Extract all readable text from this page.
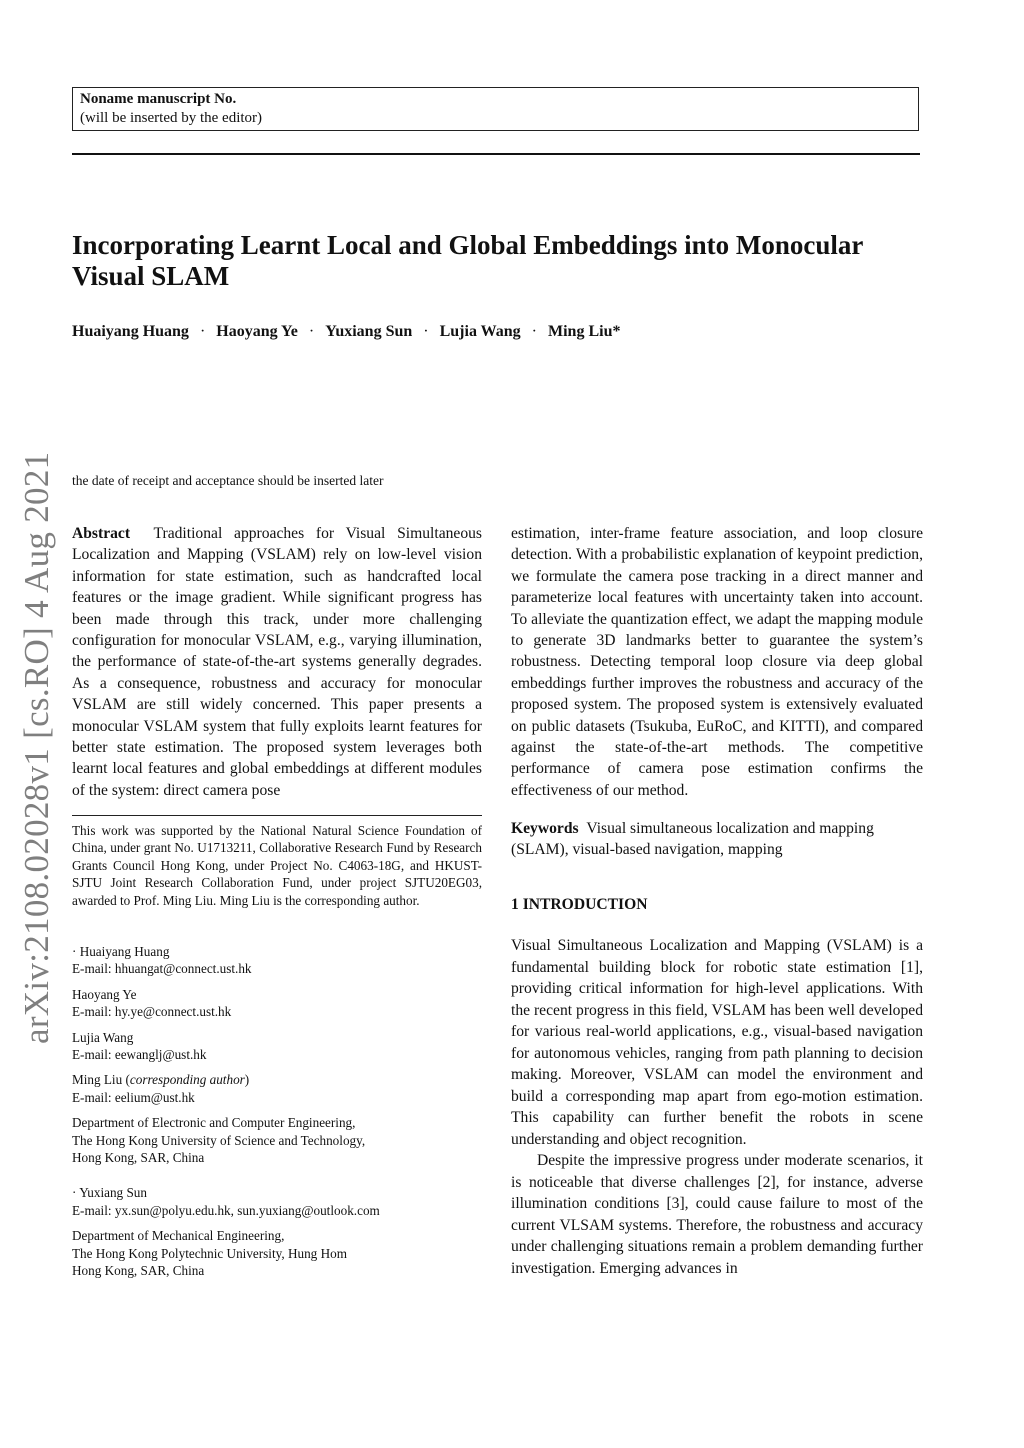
Noname manuscript No.
(will be inserted by the editor)
Incorporating Learnt Local and Global Embeddings into Monocular Visual SLAM
Huaiyang Huang · Haoyang Ye · Yuxiang Sun · Lujia Wang · Ming Liu*
arXiv:2108.02028v1 [cs.RO] 4 Aug 2021	the date of receipt and acceptance should be inserted later

Abstract Traditional approaches for Visual Simultaneous Localization and Mapping (VSLAM) rely on low-level vision information for state estimation, such as handcrafted local features or the image gradient. While significant progress has been made through this track, under more challenging configuration for monocular VSLAM, e.g., varying illumination, the performance of state-of-the-art systems generally degrades. As a consequence, robustness and accuracy for monocular VSLAM are still widely concerned. This paper presents a monocular VSLAM system that fully exploits learnt features for better state estimation. The proposed system leverages both learnt local features and global embeddings at different modules of the system: direct camera pose

estimation, inter-frame feature association, and loop closure detection. With a probabilistic explanation of keypoint prediction, we formulate the camera pose tracking in a direct manner and parameterize local features with uncertainty taken into account. To alleviate the quantization effect, we adapt the mapping module to generate 3D landmarks better to guarantee the system’s robustness. Detecting temporal loop closure via deep global embeddings further improves the robustness and accuracy of the proposed system. The proposed system is extensively evaluated on public datasets (Tsukuba, EuRoC, and KITTI), and compared against the state-of-the-art methods. The competitive performance of camera pose estimation confirms the effectiveness of our method.

This work was supported by the National Natural Science Foundation of China, under grant No. U1713211, Collaborative Research Fund by Research Grants Council Hong Kong, under Project No. C4063-18G, and HKUST-SJTU Joint Research Collaboration Fund, under project SJTU20EG03, awarded to Prof. Ming Liu. Ming Liu is the corresponding author.

· Huaiyang Huang
E-mail: hhuangat@connect.ust.hk
Haoyang Ye
E-mail: hy.ye@connect.ust.hk
Lujia Wang
E-mail: eewanglj@ust.hk
Ming Liu (corresponding author)
E-mail: eelium@ust.hk
Department of Electronic and Computer Engineering,
The Hong Kong University of Science and Technology,
Hong Kong, SAR, China
· Yuxiang Sun
E-mail: yx.sun@polyu.edu.hk, sun.yuxiang@outlook.com
Department of Mechanical Engineering,
The Hong Kong Polytechnic University, Hung Hom
Hong Kong, SAR, China
Keywords Visual simultaneous localization and mapping (SLAM), visual-based navigation, mapping
1 INTRODUCTION

Visual Simultaneous Localization and Mapping (VSLAM) is a fundamental building block for robotic state estimation [1], providing critical information for high-level applications. With the recent progress in this field, VSLAM has been well developed for various real-world applications, e.g., visual-based navigation for autonomous vehicles, ranging from path planning to decision making. Moreover, VSLAM can model the environment and build a corresponding map apart from ego-motion estimation. This capability can further benefit the robots in scene understanding and object recognition.

Despite the impressive progress under moderate scenarios, it is noticeable that diverse challenges [2], for instance, adverse illumination conditions [3], could cause failure to most of the current VLSAM systems. Therefore, the robustness and accuracy under challenging situations remain a problem demanding further investigation. Emerging advances in
